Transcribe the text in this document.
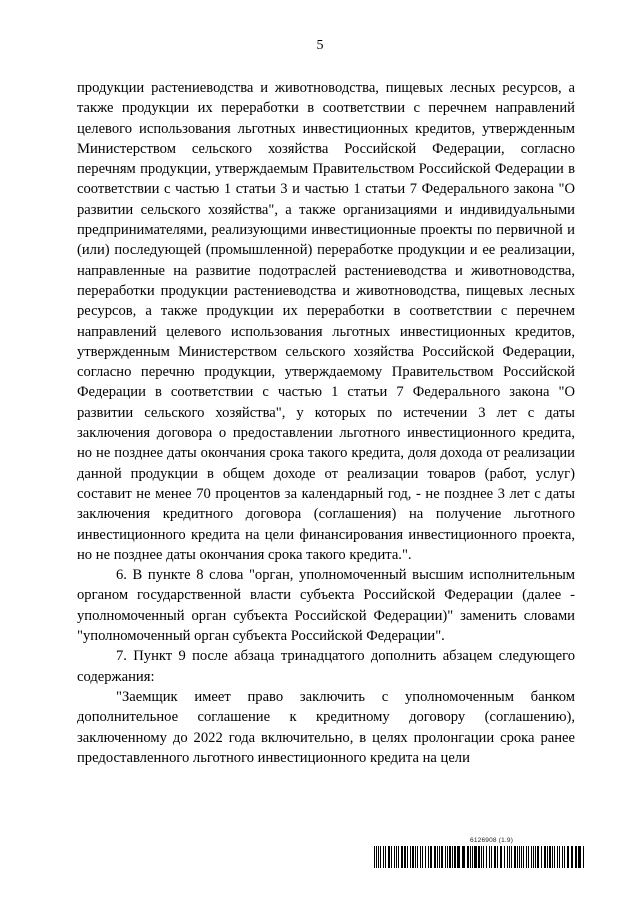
5

продукции растениеводства и животноводства, пищевых лесных ресурсов, а также продукции их переработки в соответствии с перечнем направлений целевого использования льготных инвестиционных кредитов, утвержденным Министерством сельского хозяйства Российской Федерации, согласно перечням продукции, утверждаемым Правительством Российской Федерации в соответствии с частью 1 статьи 3 и частью 1 статьи 7 Федерального закона "О развитии сельского хозяйства", а также организациями и индивидуальными предпринимателями, реализующими инвестиционные проекты по первичной и (или) последующей (промышленной) переработке продукции и ее реализации, направленные на развитие подотраслей растениеводства и животноводства, переработки продукции растениеводства и животноводства, пищевых лесных ресурсов, а также продукции их переработки в соответствии с перечнем направлений целевого использования льготных инвестиционных кредитов, утвержденным Министерством сельского хозяйства Российской Федерации, согласно перечню продукции, утверждаемому Правительством Российской Федерации в соответствии с частью 1 статьи 7 Федерального закона "О развитии сельского хозяйства", у которых по истечении 3 лет с даты заключения договора о предоставлении льготного инвестиционного кредита, но не позднее даты окончания срока такого кредита, доля дохода от реализации данной продукции в общем доходе от реализации товаров (работ, услуг) составит не менее 70 процентов за календарный год, - не позднее 3 лет с даты заключения кредитного договора (соглашения) на получение льготного инвестиционного кредита на цели финансирования инвестиционного проекта, но не позднее даты окончания срока такого кредита.".

6. В пункте 8 слова "орган, уполномоченный высшим исполнительным органом государственной власти субъекта Российской Федерации (далее - уполномоченный орган субъекта Российской Федерации)" заменить словами "уполномоченный орган субъекта Российской Федерации".

7. Пункт 9 после абзаца тринадцатого дополнить абзацем следующего содержания:

"Заемщик имеет право заключить с уполномоченным банком дополнительное соглашение к кредитному договору (соглашению), заключенному до 2022 года включительно, в целях пролонгации срока ранее предоставленного льготного инвестиционного кредита на цели

6126908 (1.9)
